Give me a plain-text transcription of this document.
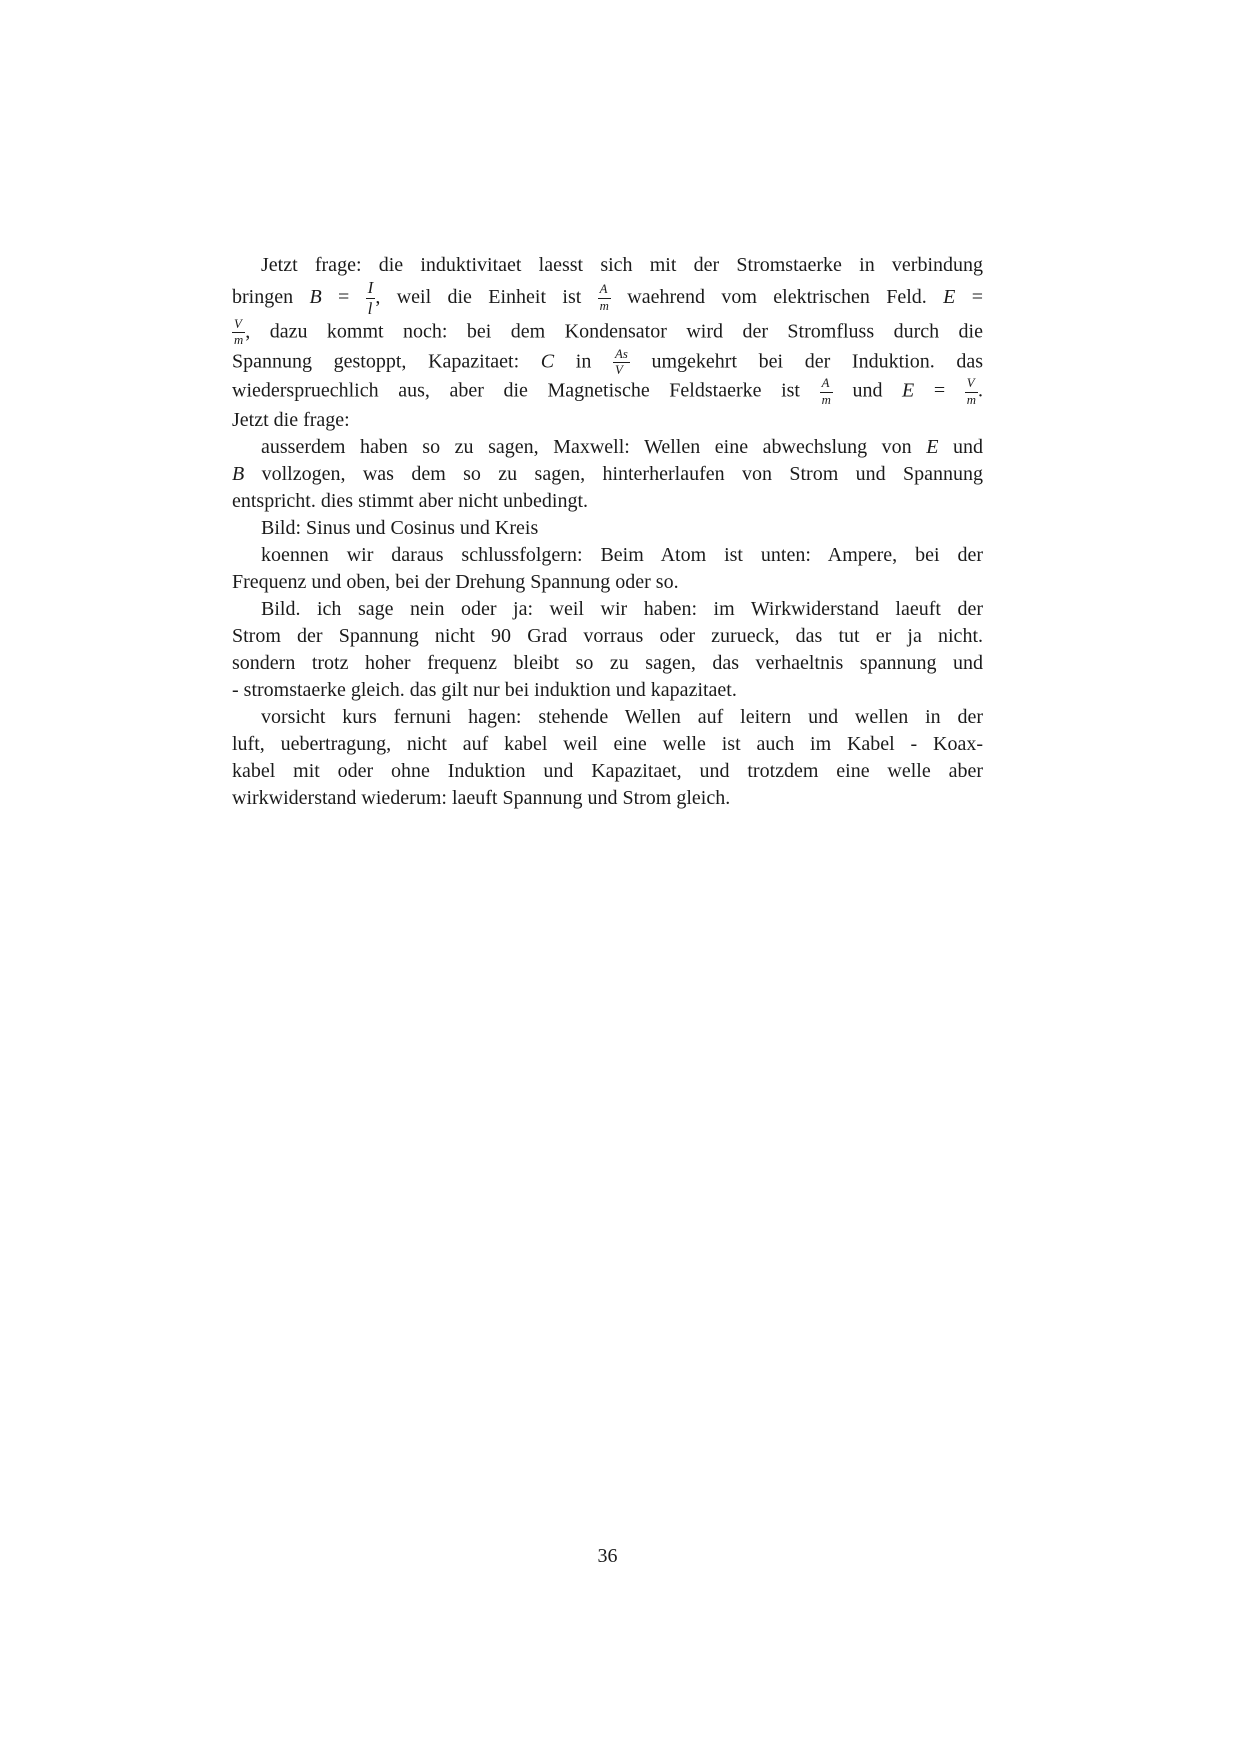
Jetzt frage: die induktivitaet laesst sich mit der Stromstaerke in verbindung
bringen $B = \frac{I}{l}$ , weil die Einheit ist $\frac{A}{m}$ waehrend vom elektrischen Feld. E =
$\frac{V}{m}$ , dazu kommt noch: bei dem Kondensator wird der Stromfluss durch die
Spannung gestoppt, Kapazitaet: C in $\frac{As}{V}$ umgekehrt bei der Induktion. das
wiederspruechlich aus, aber die Magnetische Feldstaerke ist $\frac{A}{m}$ und $E = \frac{V}{m}$ .
Jetzt die frage:
ausserdem haben so zu sagen, Maxwell: Wellen eine abwechslung von E und
B vollzogen, was dem so zu sagen, hinterherlaufen von Strom und Spannung
entspricht. dies stimmt aber nicht unbedingt.
Bild: Sinus und Cosinus und Kreis
koennen wir daraus schlussfolgern: Beim Atom ist unten: Ampere, bei der
Frequenz und oben, bei der Drehung Spannung oder so.
Bild. ich sage nein oder ja: weil wir haben: im Wirkwiderstand laeuft der
Strom der Spannung nicht 90 Grad vorraus oder zurueck, das tut er ja nicht.
sondern trotz hoher frequenz bleibt so zu sagen, das verhaeltnis spannung und
- stromstaerke gleich. das gilt nur bei induktion und kapazitaet.
vorsicht kurs fernuni hagen: stehende Wellen auf leitern und wellen in der
luft, uebertragung, nicht auf kabel weil eine welle ist auch im Kabel - Koax-
kabel mit oder ohne Induktion und Kapazitaet, und trotzdem eine welle aber
wirkwiderstand wiederum: laeuft Spannung und Strom gleich.
36
